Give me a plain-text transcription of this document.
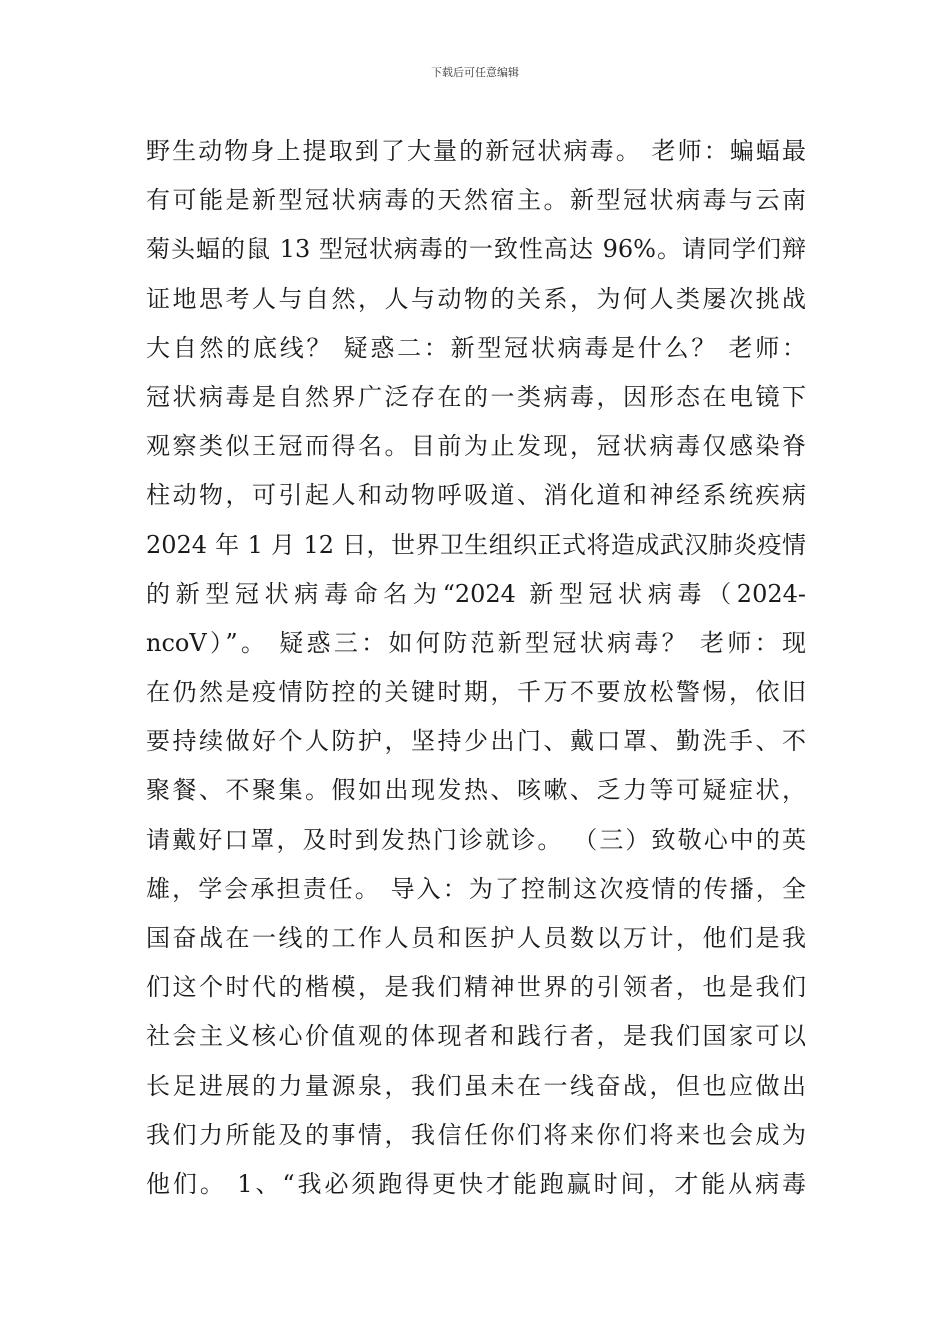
下载后可任意编辑
野生动物身上提取到了大量的新冠状病毒。 老师：蝙蝠最
有可能是新型冠状病毒的天然宿主。新型冠状病毒与云南
菊头蝠的鼠 13 型冠状病毒的一致性高达 96%。请同学们辩
证地思考人与自然，人与动物的关系，为何人类屡次挑战
大自然的底线？ 疑惑二：新型冠状病毒是什么？ 老师：
冠状病毒是自然界广泛存在的一类病毒，因形态在电镜下
观察类似王冠而得名。目前为止发现，冠状病毒仅感染脊
柱动物，可引起人和动物呼吸道、消化道和神经系统疾病
2024 年 1 月 12 日，世界卫生组织正式将造成武汉肺炎疫情
的新型冠状病毒命名为“2024 新型冠状病毒（2024-
ncoV）”。 疑惑三：如何防范新型冠状病毒？ 老师：现
在仍然是疫情防控的关键时期，千万不要放松警惕，依旧
要持续做好个人防护，坚持少出门、戴口罩、勤洗手、不
聚餐、不聚集。假如出现发热、咳嗽、乏力等可疑症状，
请戴好口罩，及时到发热门诊就诊。 （三）致敬心中的英
雄，学会承担责任。 导入：为了控制这次疫情的传播，全
国奋战在一线的工作人员和医护人员数以万计，他们是我
们这个时代的楷模，是我们精神世界的引领者，也是我们
社会主义核心价值观的体现者和践行者，是我们国家可以
长足进展的力量源泉，我们虽未在一线奋战，但也应做出
我们力所能及的事情，我信任你们将来你们将来也会成为
他们。 1、“我必须跑得更快才能跑赢时间，才能从病毒
